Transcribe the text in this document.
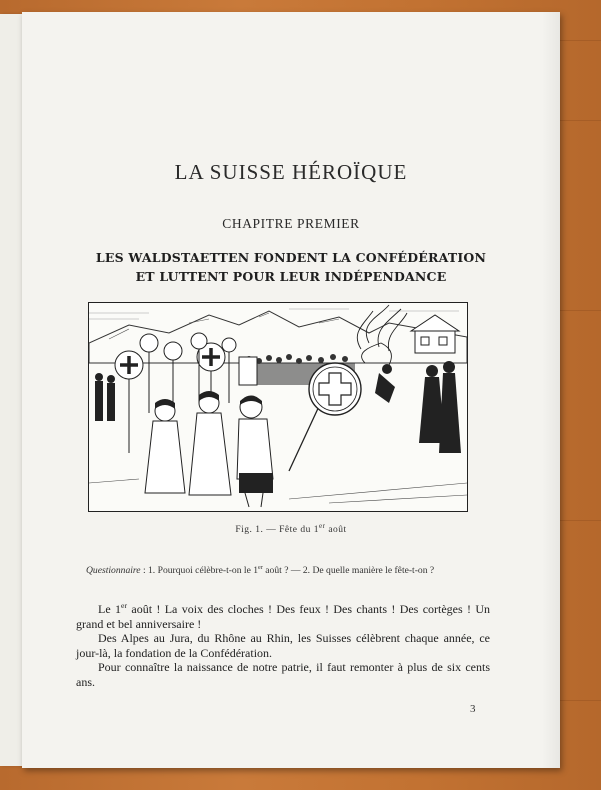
LA SUISSE HÉROÏQUE
CHAPITRE PREMIER
LES WALDSTAETTEN FONDENT LA CONFÉDÉRATION
ET LUTTENT POUR LEUR INDÉPENDANCE
Fig. 1. — Fête du 1er août
Questionnaire : 1. Pourquoi célèbre-t-on le 1er août ? — 2. De quelle manière le fête-t-on ?

Le 1er août ! La voix des cloches ! Des feux ! Des chants ! Des cortèges ! Un grand et bel anniversaire !

Des Alpes au Jura, du Rhône au Rhin, les Suisses célèbrent chaque année, ce jour-là, la fondation de la Confédération.

Pour connaître la naissance de notre patrie, il faut remonter à plus de six cents ans.

3
